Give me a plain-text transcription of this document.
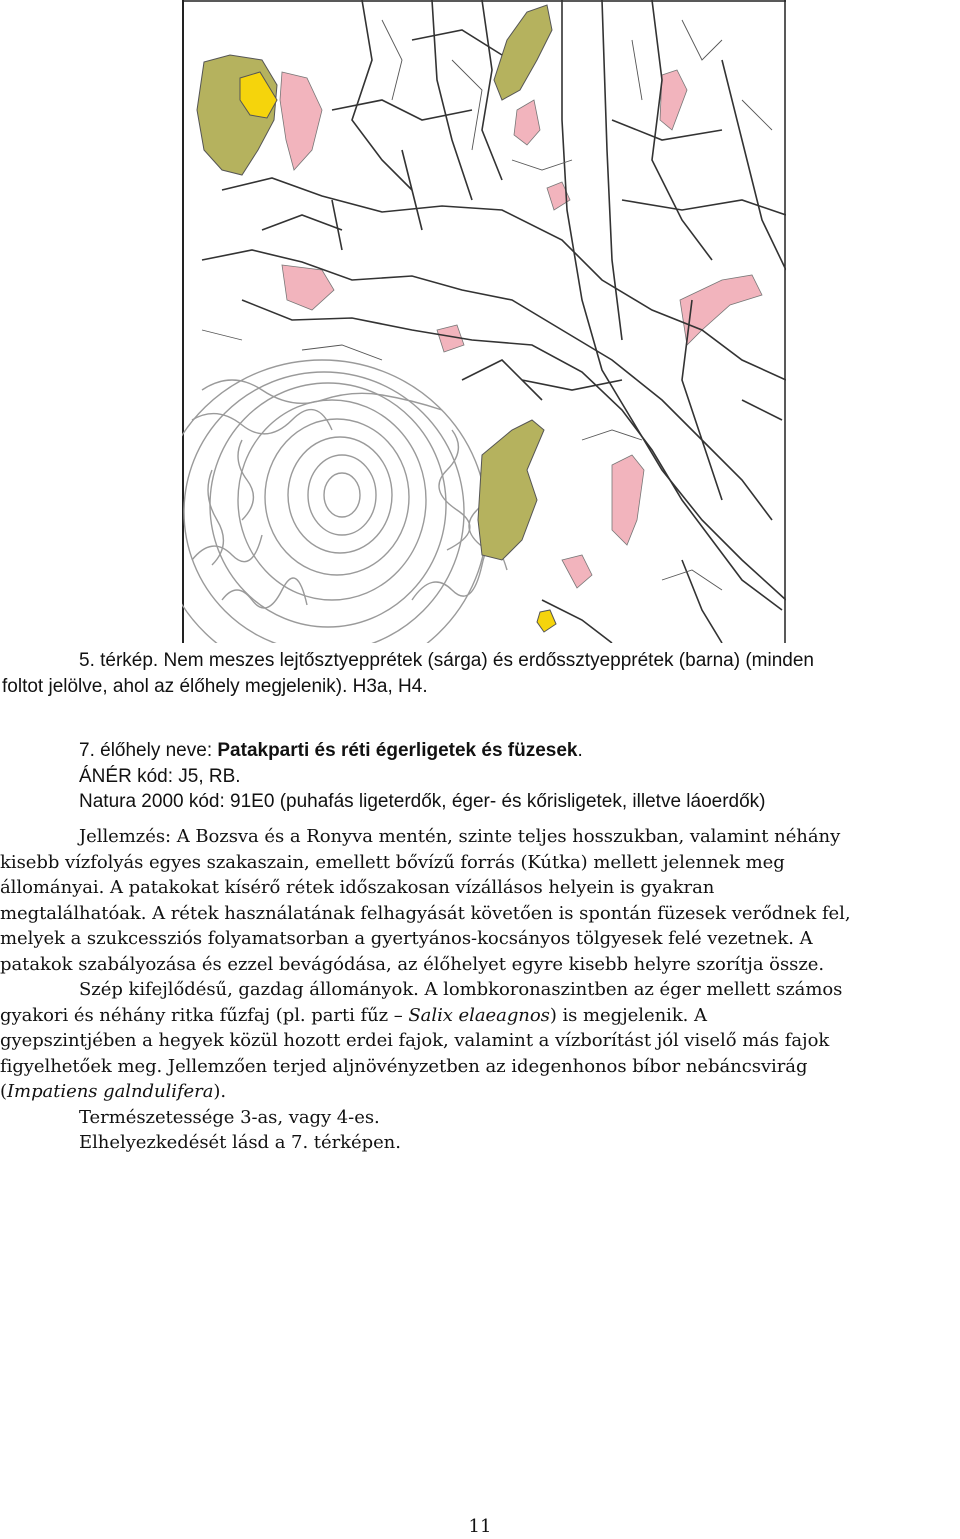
5. térkép. Nem meszes lejtősztyepprétek (sárga) és erdőssztyepprétek (barna) (minden
foltot jelölve, ahol az élőhely megjelenik). H3a, H4.
7. élőhely neve: Patakparti és réti égerligetek és füzesek.
ÁNÉR kód: J5, RB.
Natura 2000 kód: 91E0 (puhafás ligeterdők, éger- és kőrisligetek, illetve láoerdők)
Jellemzés: A Bozsva és a Ronyva mentén, szinte teljes hosszukban, valamint néhány
kisebb vízfolyás egyes szakaszain, emellett bővízű forrás (Kútka) mellett jelennek meg
állományai. A patakokat kísérő rétek időszakosan vízállásos helyein is gyakran
megtalálhatóak. A rétek használatának felhagyását követően is spontán füzesek verődnek fel,
melyek a szukcessziós folyamatsorban a gyertyános-kocsányos tölgyesek felé vezetnek. A
patakok szabályozása és ezzel bevágódása, az élőhelyet egyre kisebb helyre szorítja össze.
Szép kifejlődésű, gazdag állományok. A lombkoronaszintben az éger mellett számos
gyakori és néhány ritka fűzfaj (pl. parti fűz – Salix elaeagnos) is megjelenik. A
gyepszintjében a hegyek közül hozott erdei fajok, valamint a vízborítást jól viselő más fajok
figyelhetőek meg. Jellemzően terjed aljnövényzetben az idegenhonos bíbor nebáncsvirág
(Impatiens galndulifera).
Természetessége 3-as, vagy 4-es.
Elhelyezkedését lásd a 7. térképen.
11
